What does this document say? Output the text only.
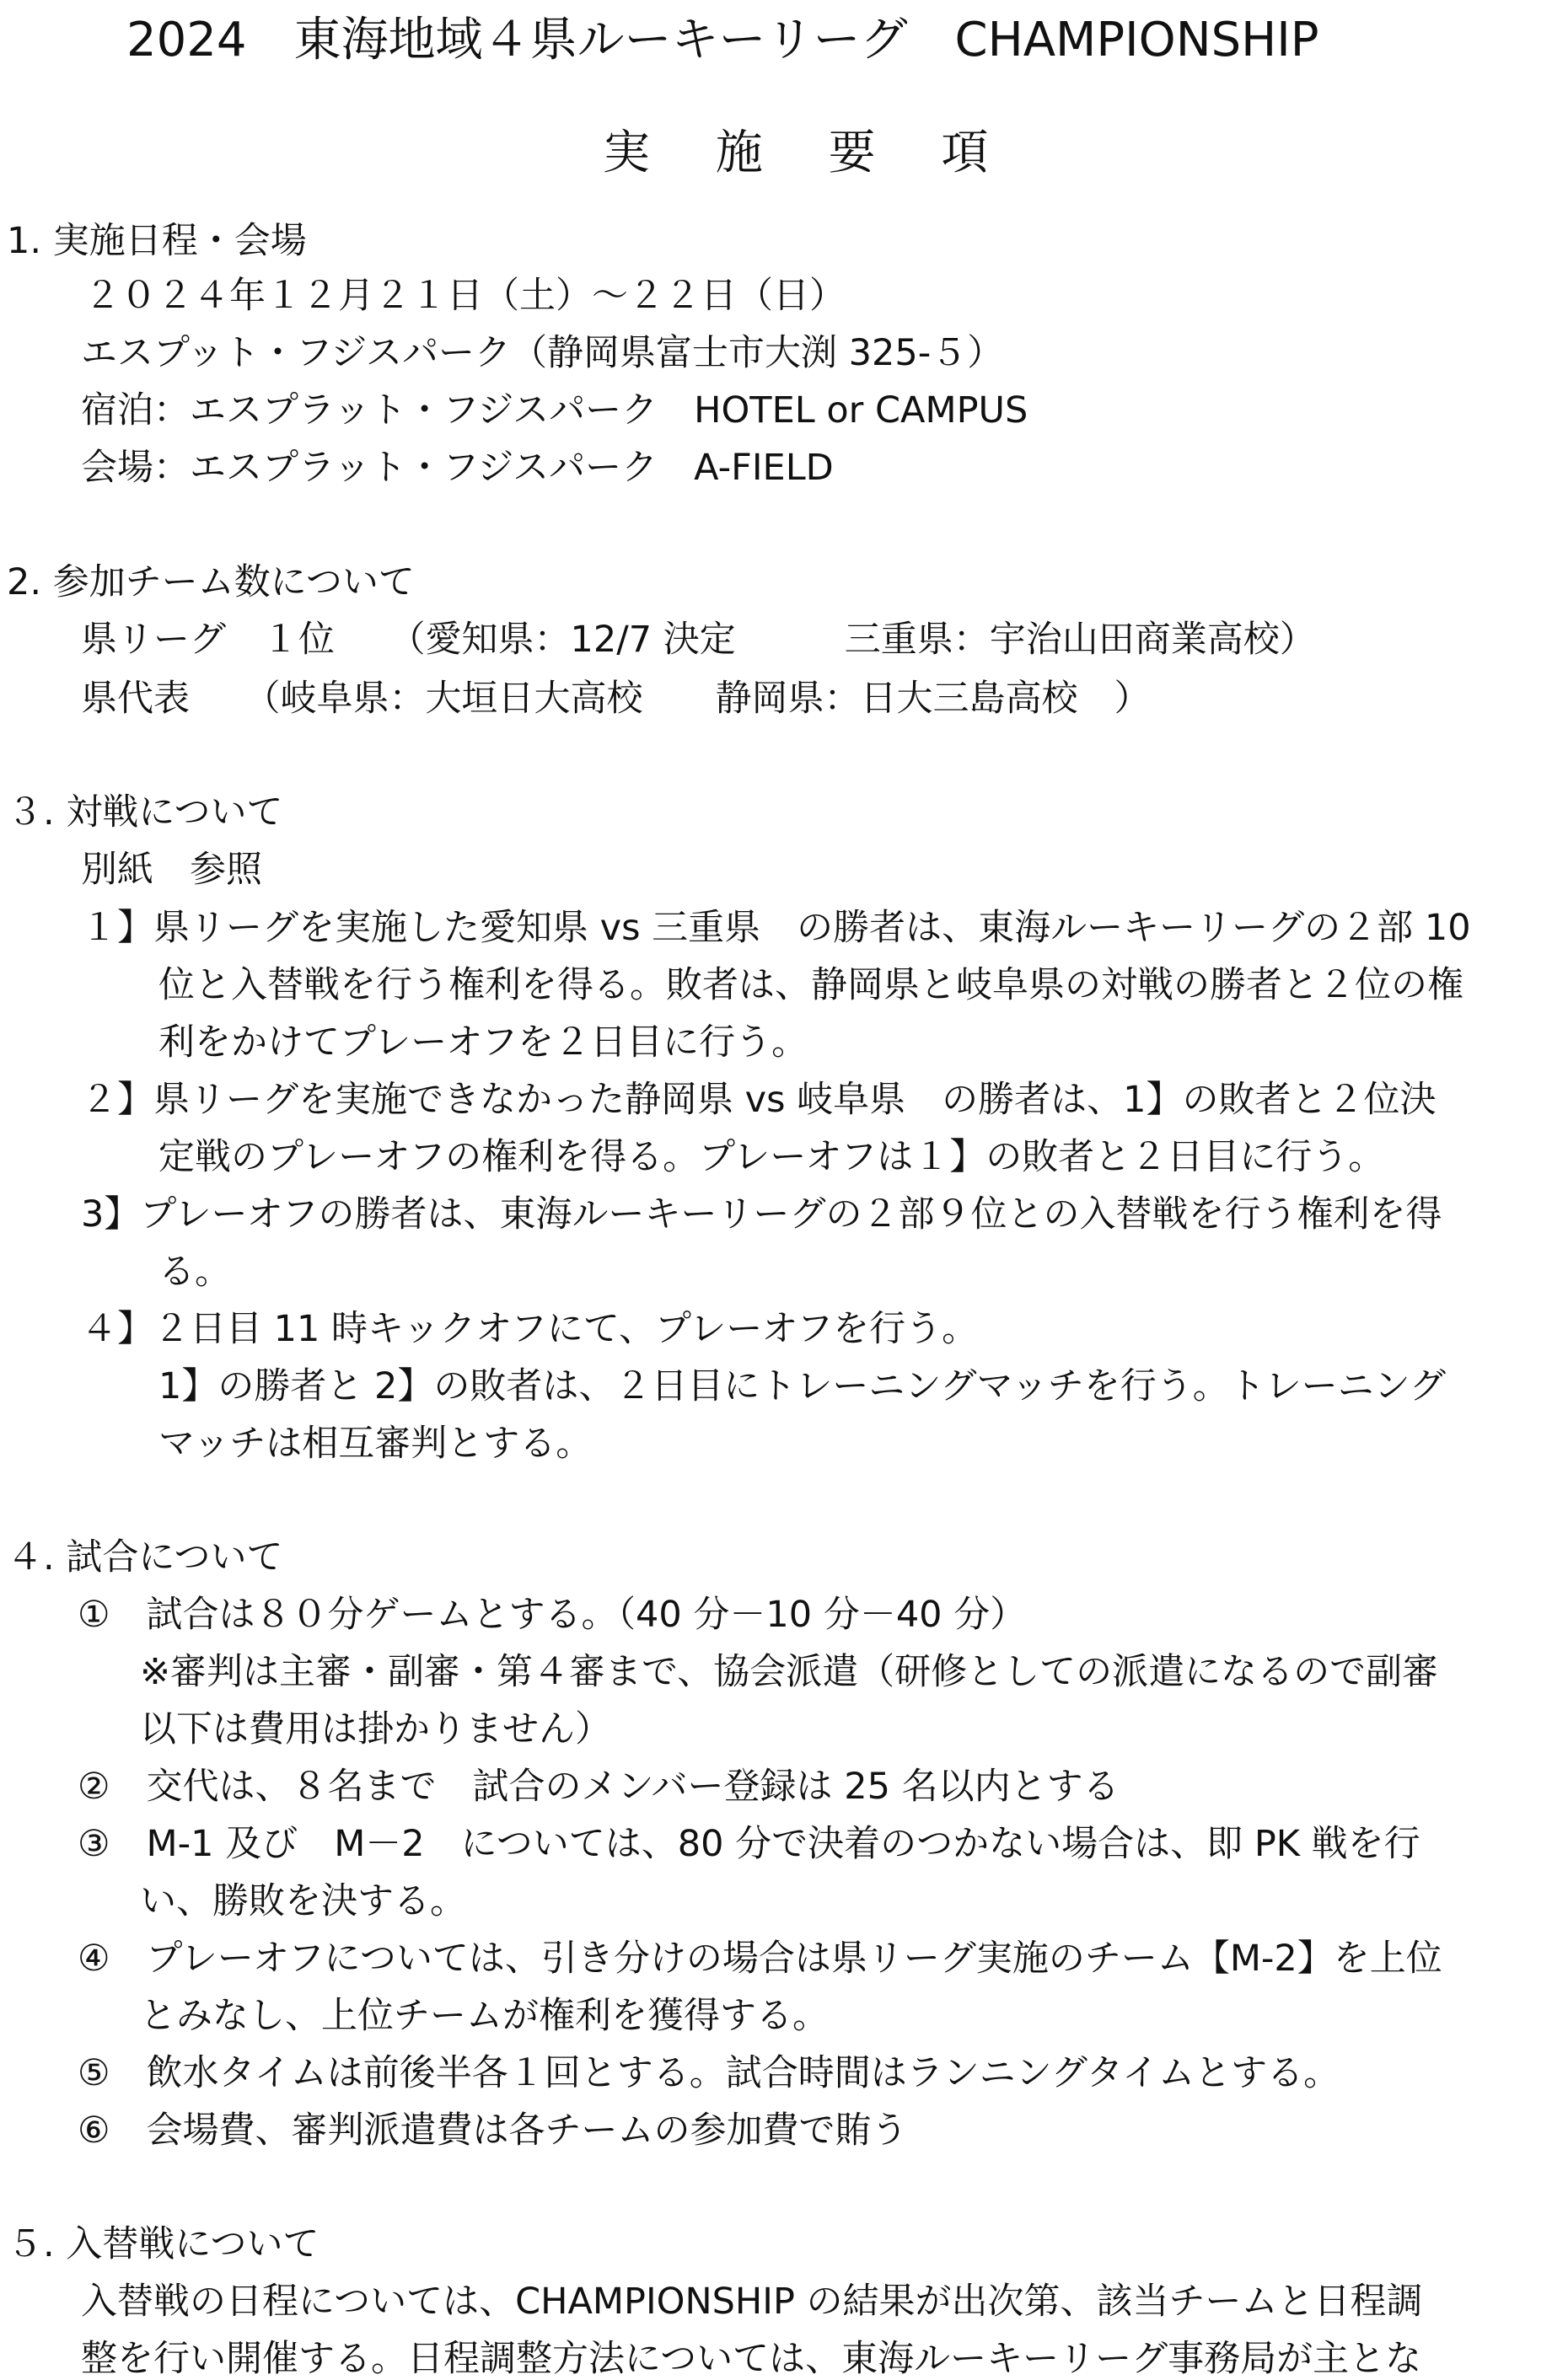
2024　東海地域４県ルーキーリーグ　CHAMPIONSHIP
実 施 要 項
1. 実施日程・会場
２０２４年１２月２１日（土）～２２日（日）
エスプット・フジスパーク（静岡県富士市大渕 325-５）
宿泊：エスプラット・フジスパーク　HOTEL or CAMPUS
会場：エスプラット・フジスパーク　A-FIELD
2. 参加チーム数について
県リーグ　１位　　（愛知県：12/7 決定　　　三重県：宇治山田商業高校）
県代表　　（岐阜県：大垣日大高校　　静岡県：日大三島高校　）
３. 対戦について
別紙　参照
１】県リーグを実施した愛知県 vs 三重県　の勝者は、東海ルーキーリーグの２部 10
位と入替戦を行う権利を得る。敗者は、静岡県と岐阜県の対戦の勝者と２位の権
利をかけてプレーオフを２日目に行う。
２】県リーグを実施できなかった静岡県 vs 岐阜県　の勝者は、1】の敗者と２位決
定戦のプレーオフの権利を得る。プレーオフは１】の敗者と２日目に行う。
3】プレーオフの勝者は、東海ルーキーリーグの２部９位との入替戦を行う権利を得
る。
４】２日目 11 時キックオフにて、プレーオフを行う。
1】の勝者と 2】の敗者は、２日目にトレーニングマッチを行う。トレーニング
マッチは相互審判とする。
４. 試合について
①　試合は８０分ゲームとする。（40 分－10 分－40 分）
※審判は主審・副審・第４審まで、協会派遣（研修としての派遣になるので副審
以下は費用は掛かりません）
②　交代は、８名まで　試合のメンバー登録は 25 名以内とする
③　M-1 及び　M－2　については、80 分で決着のつかない場合は、即 PK 戦を行
い、勝敗を決する。
④　プレーオフについては、引き分けの場合は県リーグ実施のチーム【M-2】を上位
とみなし、上位チームが権利を獲得する。
⑤　飲水タイムは前後半各１回とする。試合時間はランニングタイムとする。
⑥　会場費、審判派遣費は各チームの参加費で賄う
５. 入替戦について
入替戦の日程については、CHAMPIONSHIP の結果が出次第、該当チームと日程調
整を行い開催する。日程調整方法については、東海ルーキーリーグ事務局が主とな
